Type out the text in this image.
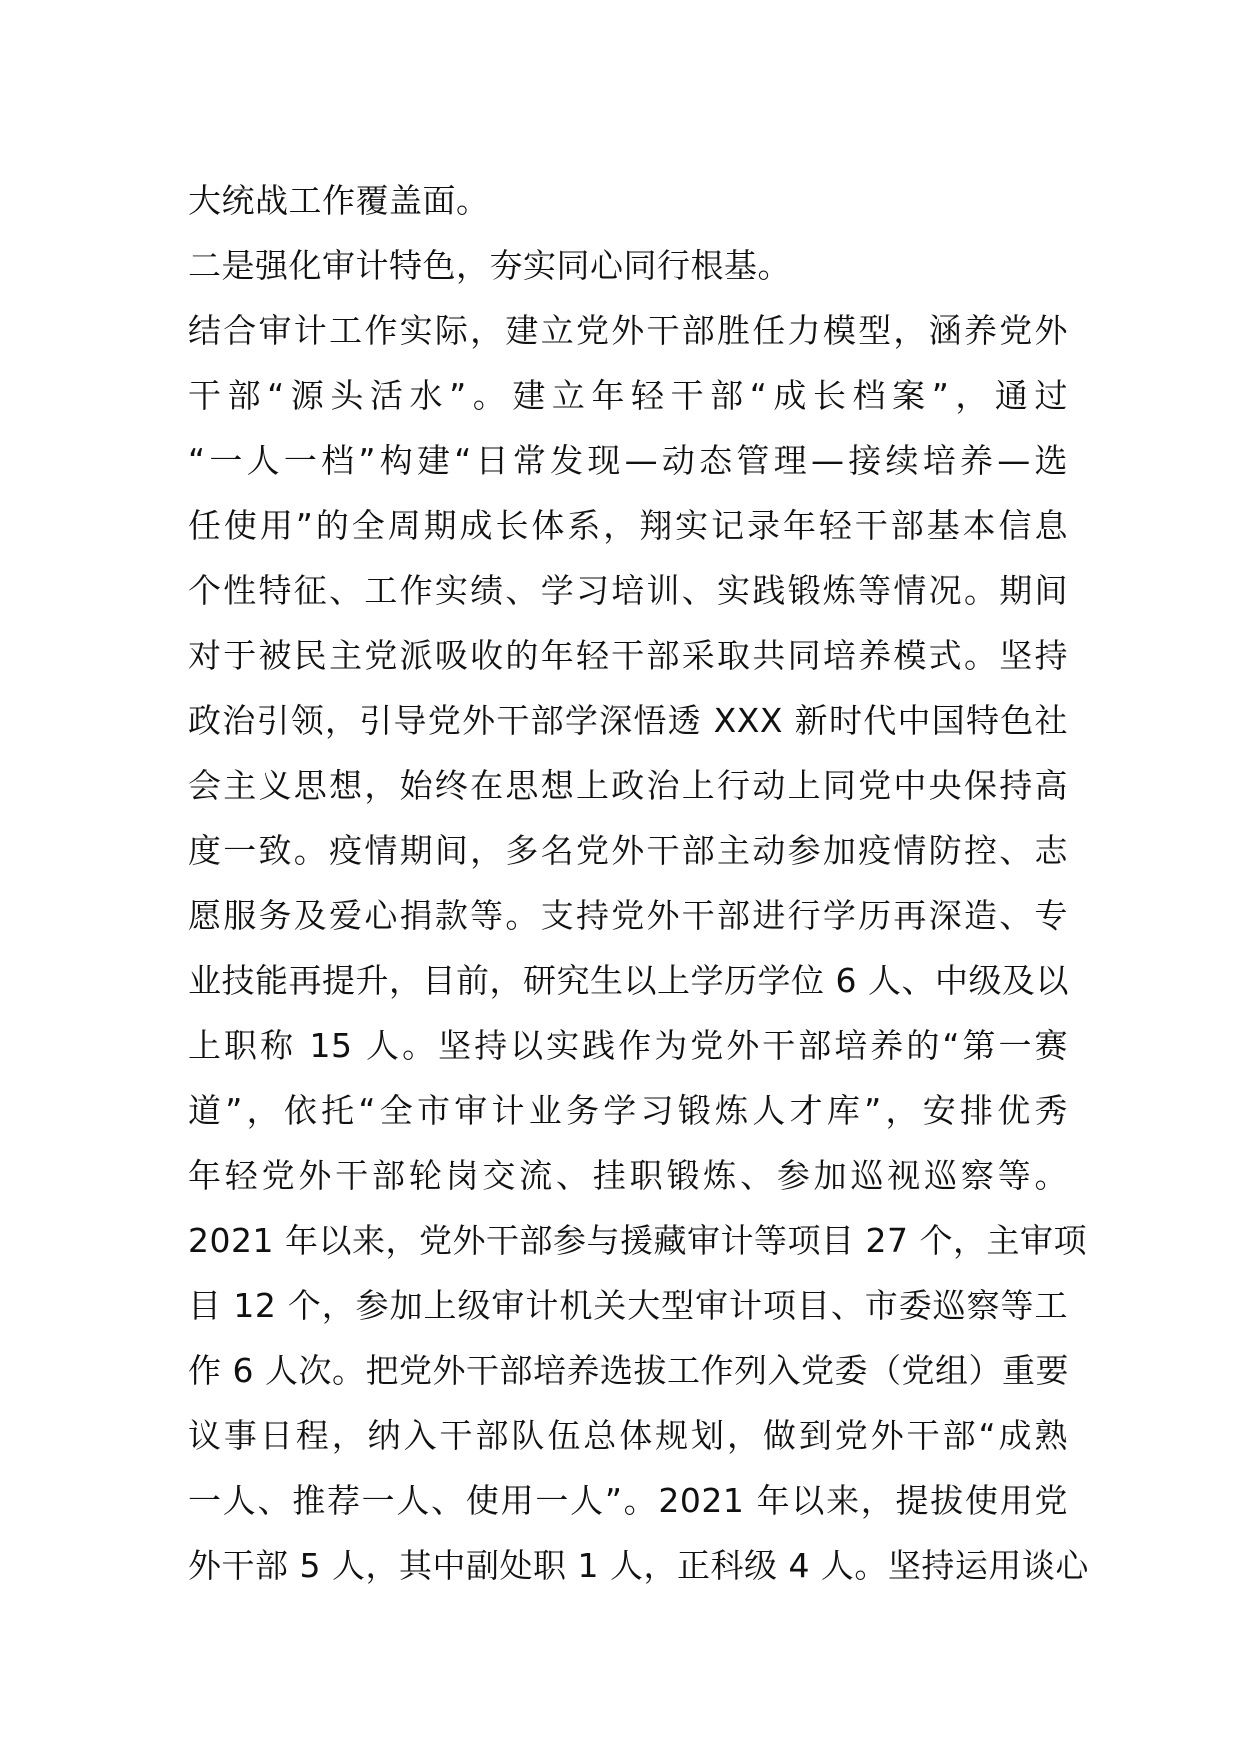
大统战工作覆盖面。
二是强化审计特色，夯实同心同行根基。
结合审计工作实际，建立党外干部胜任力模型，涵养党外
干部“源头活水”。建立年轻干部“成长档案”，通过
“一人一档”构建“日常发现—动态管理—接续培养—选
任使用”的全周期成长体系，翔实记录年轻干部基本信息
个性特征、工作实绩、学习培训、实践锻炼等情况。期间
对于被民主党派吸收的年轻干部采取共同培养模式。坚持
政治引领，引导党外干部学深悟透 XXX 新时代中国特色社
会主义思想，始终在思想上政治上行动上同党中央保持高
度一致。疫情期间，多名党外干部主动参加疫情防控、志
愿服务及爱心捐款等。支持党外干部进行学历再深造、专
业技能再提升，目前，研究生以上学历学位 6 人、中级及以
上职称 15 人。坚持以实践作为党外干部培养的“第一赛
道”，依托“全市审计业务学习锻炼人才库”，安排优秀
年轻党外干部轮岗交流、挂职锻炼、参加巡视巡察等。
2021 年以来，党外干部参与援藏审计等项目 27 个，主审项
目 12 个，参加上级审计机关大型审计项目、市委巡察等工
作 6 人次。把党外干部培养选拔工作列入党委（党组）重要
议事日程，纳入干部队伍总体规划，做到党外干部“成熟
一人、推荐一人、使用一人”。2021 年以来，提拔使用党
外干部 5 人，其中副处职 1 人，正科级 4 人。坚持运用谈心
